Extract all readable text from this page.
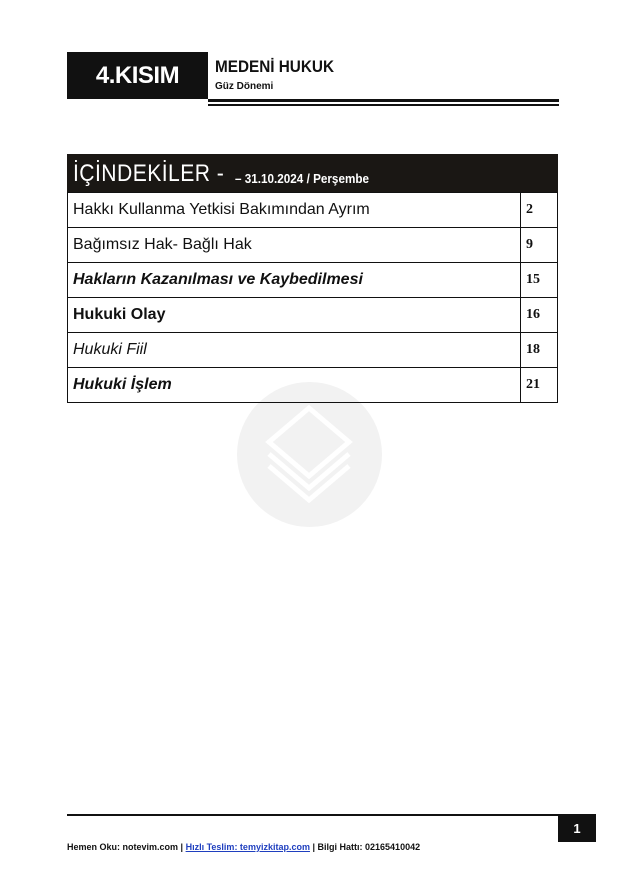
4.KISIM MEDENİ HUKUK
Güz Dönemi
İÇİNDEKİLER - – 31.10.2024 / Perşembe
Hakkı Kullanma Yetkisi Bakımından Ayrım	2
Bağımsız Hak- Bağlı Hak	9
Hakların Kazanılması ve Kaybedilmesi	15
Hukuki Olay	16
Hukuki Fiil	18
Hukuki İşlem	21
1
Hemen Oku: notevim.com | Hızlı Teslim: temyizkitap.com | Bilgi Hattı: 02165410042
